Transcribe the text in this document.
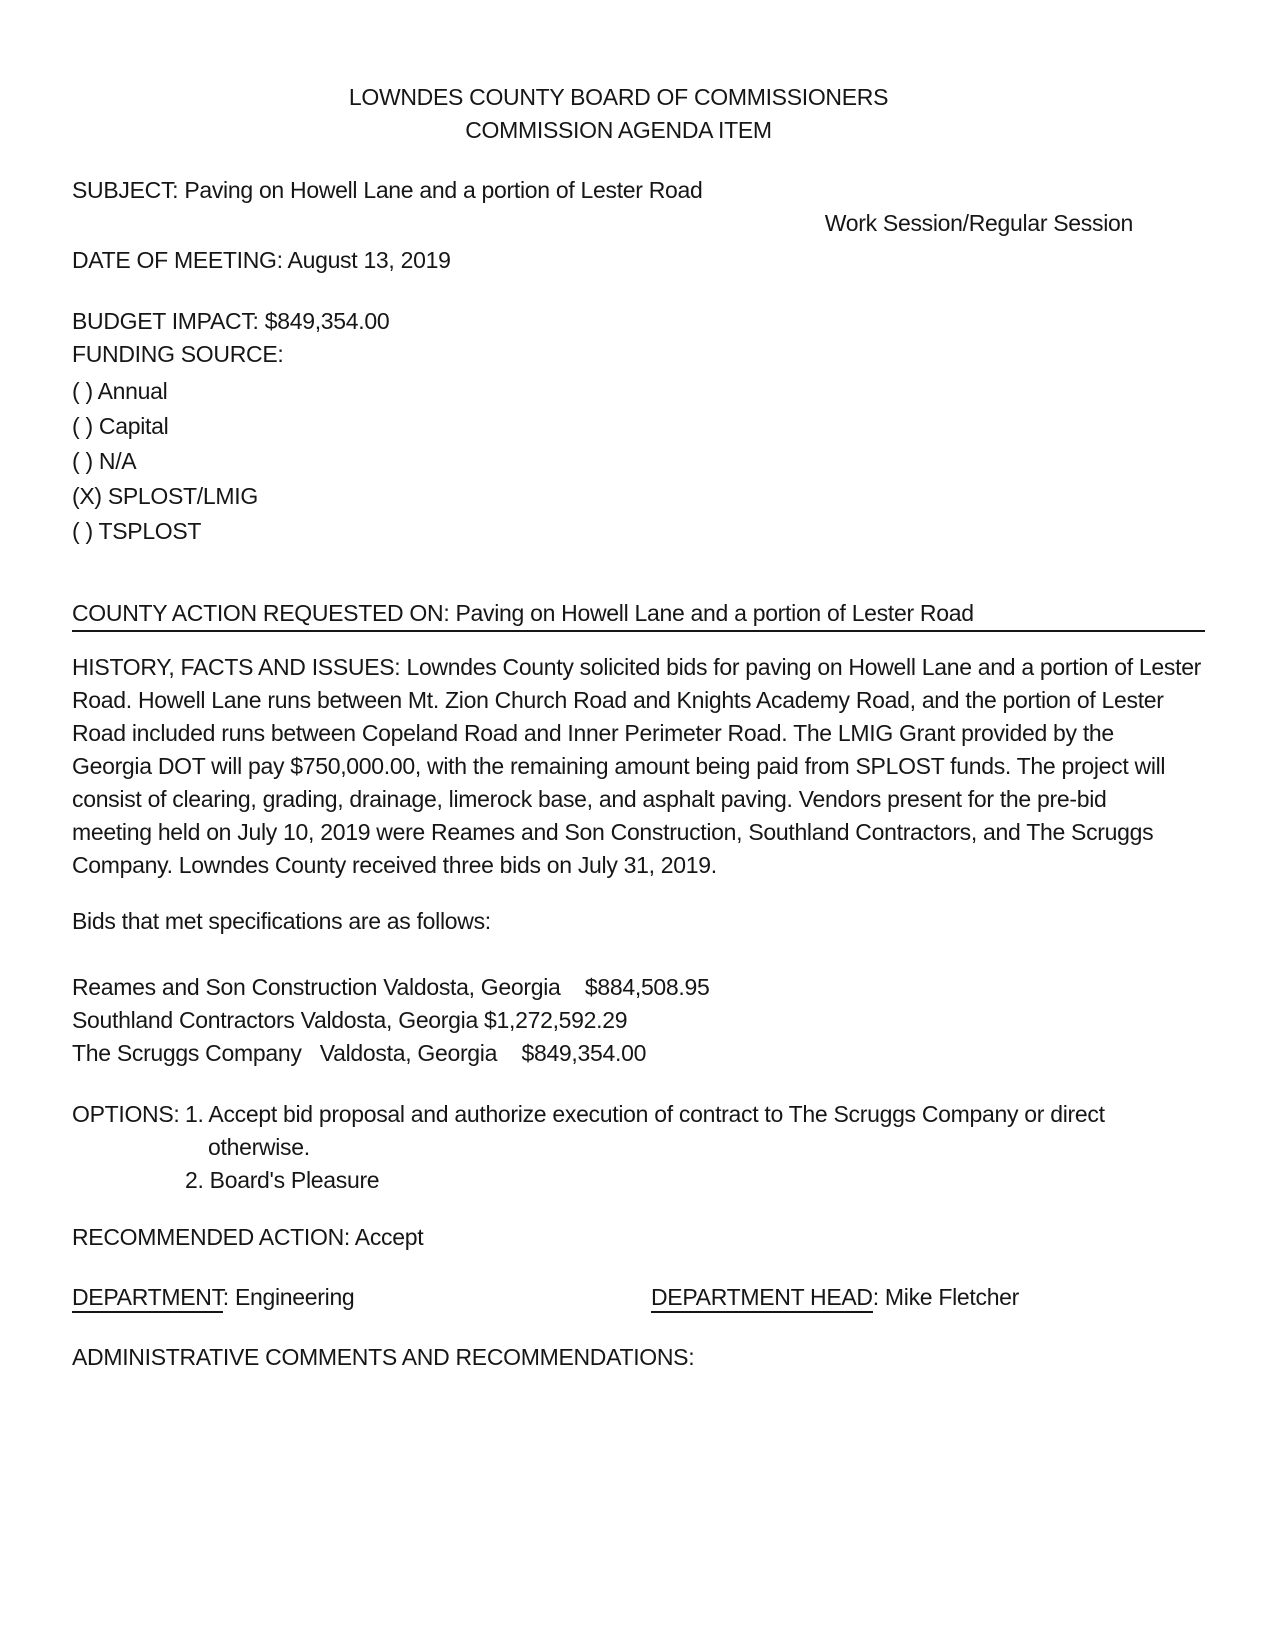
LOWNDES COUNTY BOARD OF COMMISSIONERS
COMMISSION AGENDA ITEM
SUBJECT: Paving on Howell Lane and a portion of Lester Road
Work Session/Regular Session
DATE OF MEETING: August 13, 2019
BUDGET IMPACT: $849,354.00
FUNDING SOURCE:
( ) Annual
( ) Capital
( ) N/A
(X) SPLOST/LMIG
( ) TSPLOST
COUNTY ACTION REQUESTED ON: Paving on Howell Lane and a portion of Lester Road
HISTORY, FACTS AND ISSUES: Lowndes County solicited bids for paving on Howell Lane and a portion of Lester
Road. Howell Lane runs between Mt. Zion Church Road and Knights Academy Road, and the portion of Lester
Road included runs between Copeland Road and Inner Perimeter Road. The LMIG Grant provided by the
Georgia DOT will pay $750,000.00, with the remaining amount being paid from SPLOST funds. The project will
consist of clearing, grading, drainage, limerock base, and asphalt paving. Vendors present for the pre-bid
meeting held on July 10, 2019 were Reames and Son Construction, Southland Contractors, and The Scruggs
Company. Lowndes County received three bids on July 31, 2019.
Bids that met specifications are as follows:
Reames and Son Construction Valdosta, Georgia    $884,508.95
Southland Contractors Valdosta, Georgia $1,272,592.29
The Scruggs Company   Valdosta, Georgia    $849,354.00
OPTIONS: 1. Accept bid proposal and authorize execution of contract to The Scruggs Company or direct otherwise.
2. Board's Pleasure
RECOMMENDED ACTION: Accept
DEPARTMENT: Engineering	DEPARTMENT HEAD: Mike Fletcher
ADMINISTRATIVE COMMENTS AND RECOMMENDATIONS:
